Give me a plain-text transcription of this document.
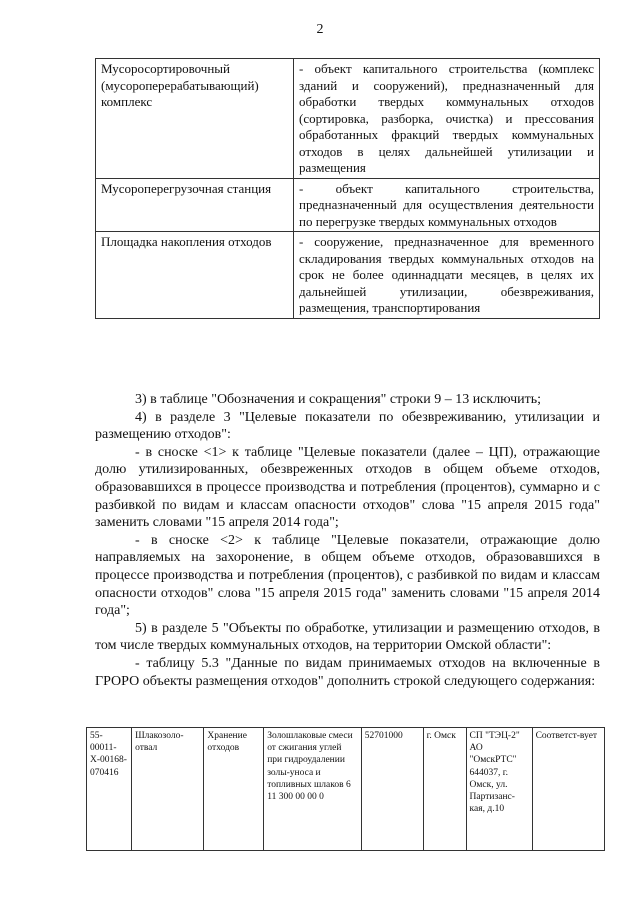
2
Мусоросортировочный (мусороперерабатывающий) комплекс	- объект капитального строительства (комплекс зданий и сооружений), предназначенный для обработки твердых коммунальных отходов (сортировка, разборка, очистка) и прессования обработанных фракций твердых коммунальных отходов в целях дальнейшей утилизации и размещения
Мусороперегрузочная станция	- объект капитального строительства, предназначенный для осуществления деятельности по перегрузке твердых коммунальных отходов
Площадка накопления отходов	- сооружение, предназначенное для временного складирования твердых коммунальных отходов на срок не более одиннадцати месяцев, в целях их дальнейшей утилизации, обезвреживания, размещения, транспортирования

3) в таблице "Обозначения и сокращения" строки 9 – 13 исключить;

4) в разделе 3 "Целевые показатели по обезвреживанию, утилизации и размещению отходов":

- в сноске <1> к таблице "Целевые показатели (далее – ЦП), отражающие долю утилизированных, обезвреженных отходов в общем объеме отходов, образовавшихся в процессе производства и потребления (процентов), суммарно и с разбивкой по видам и классам опасности отходов" слова "15 апреля 2015 года" заменить словами "15 апреля 2014 года";

- в сноске <2> к таблице "Целевые показатели, отражающие долю направляемых на захоронение, в общем объеме отходов, образовавшихся в процессе производства и потребления (процентов), с разбивкой по видам и классам опасности отходов" слова "15 апреля 2015 года" заменить словами "15 апреля 2014 года";

5) в разделе 5 "Объекты по обработке, утилизации и размещению отходов, в том числе твердых коммунальных отходов, на территории Омской области":

- таблицу 5.3 "Данные по видам принимаемых отходов на включенные в ГРОРО объекты размещения отходов" дополнить строкой следующего содержания:

55-00011-Х-00168-070416	Шлакозоло-отвал	Хранение отходов	Золошлаковые смеси от сжигания углей при гидроудалении золы-уноса и топливных шлаков 6 11 300 00 00 0	52701000	г. Омск	СП "ТЭЦ-2" АО "ОмскРТС" 644037, г. Омск, ул. Партизанс-кая, д.10	Соответст-вует
